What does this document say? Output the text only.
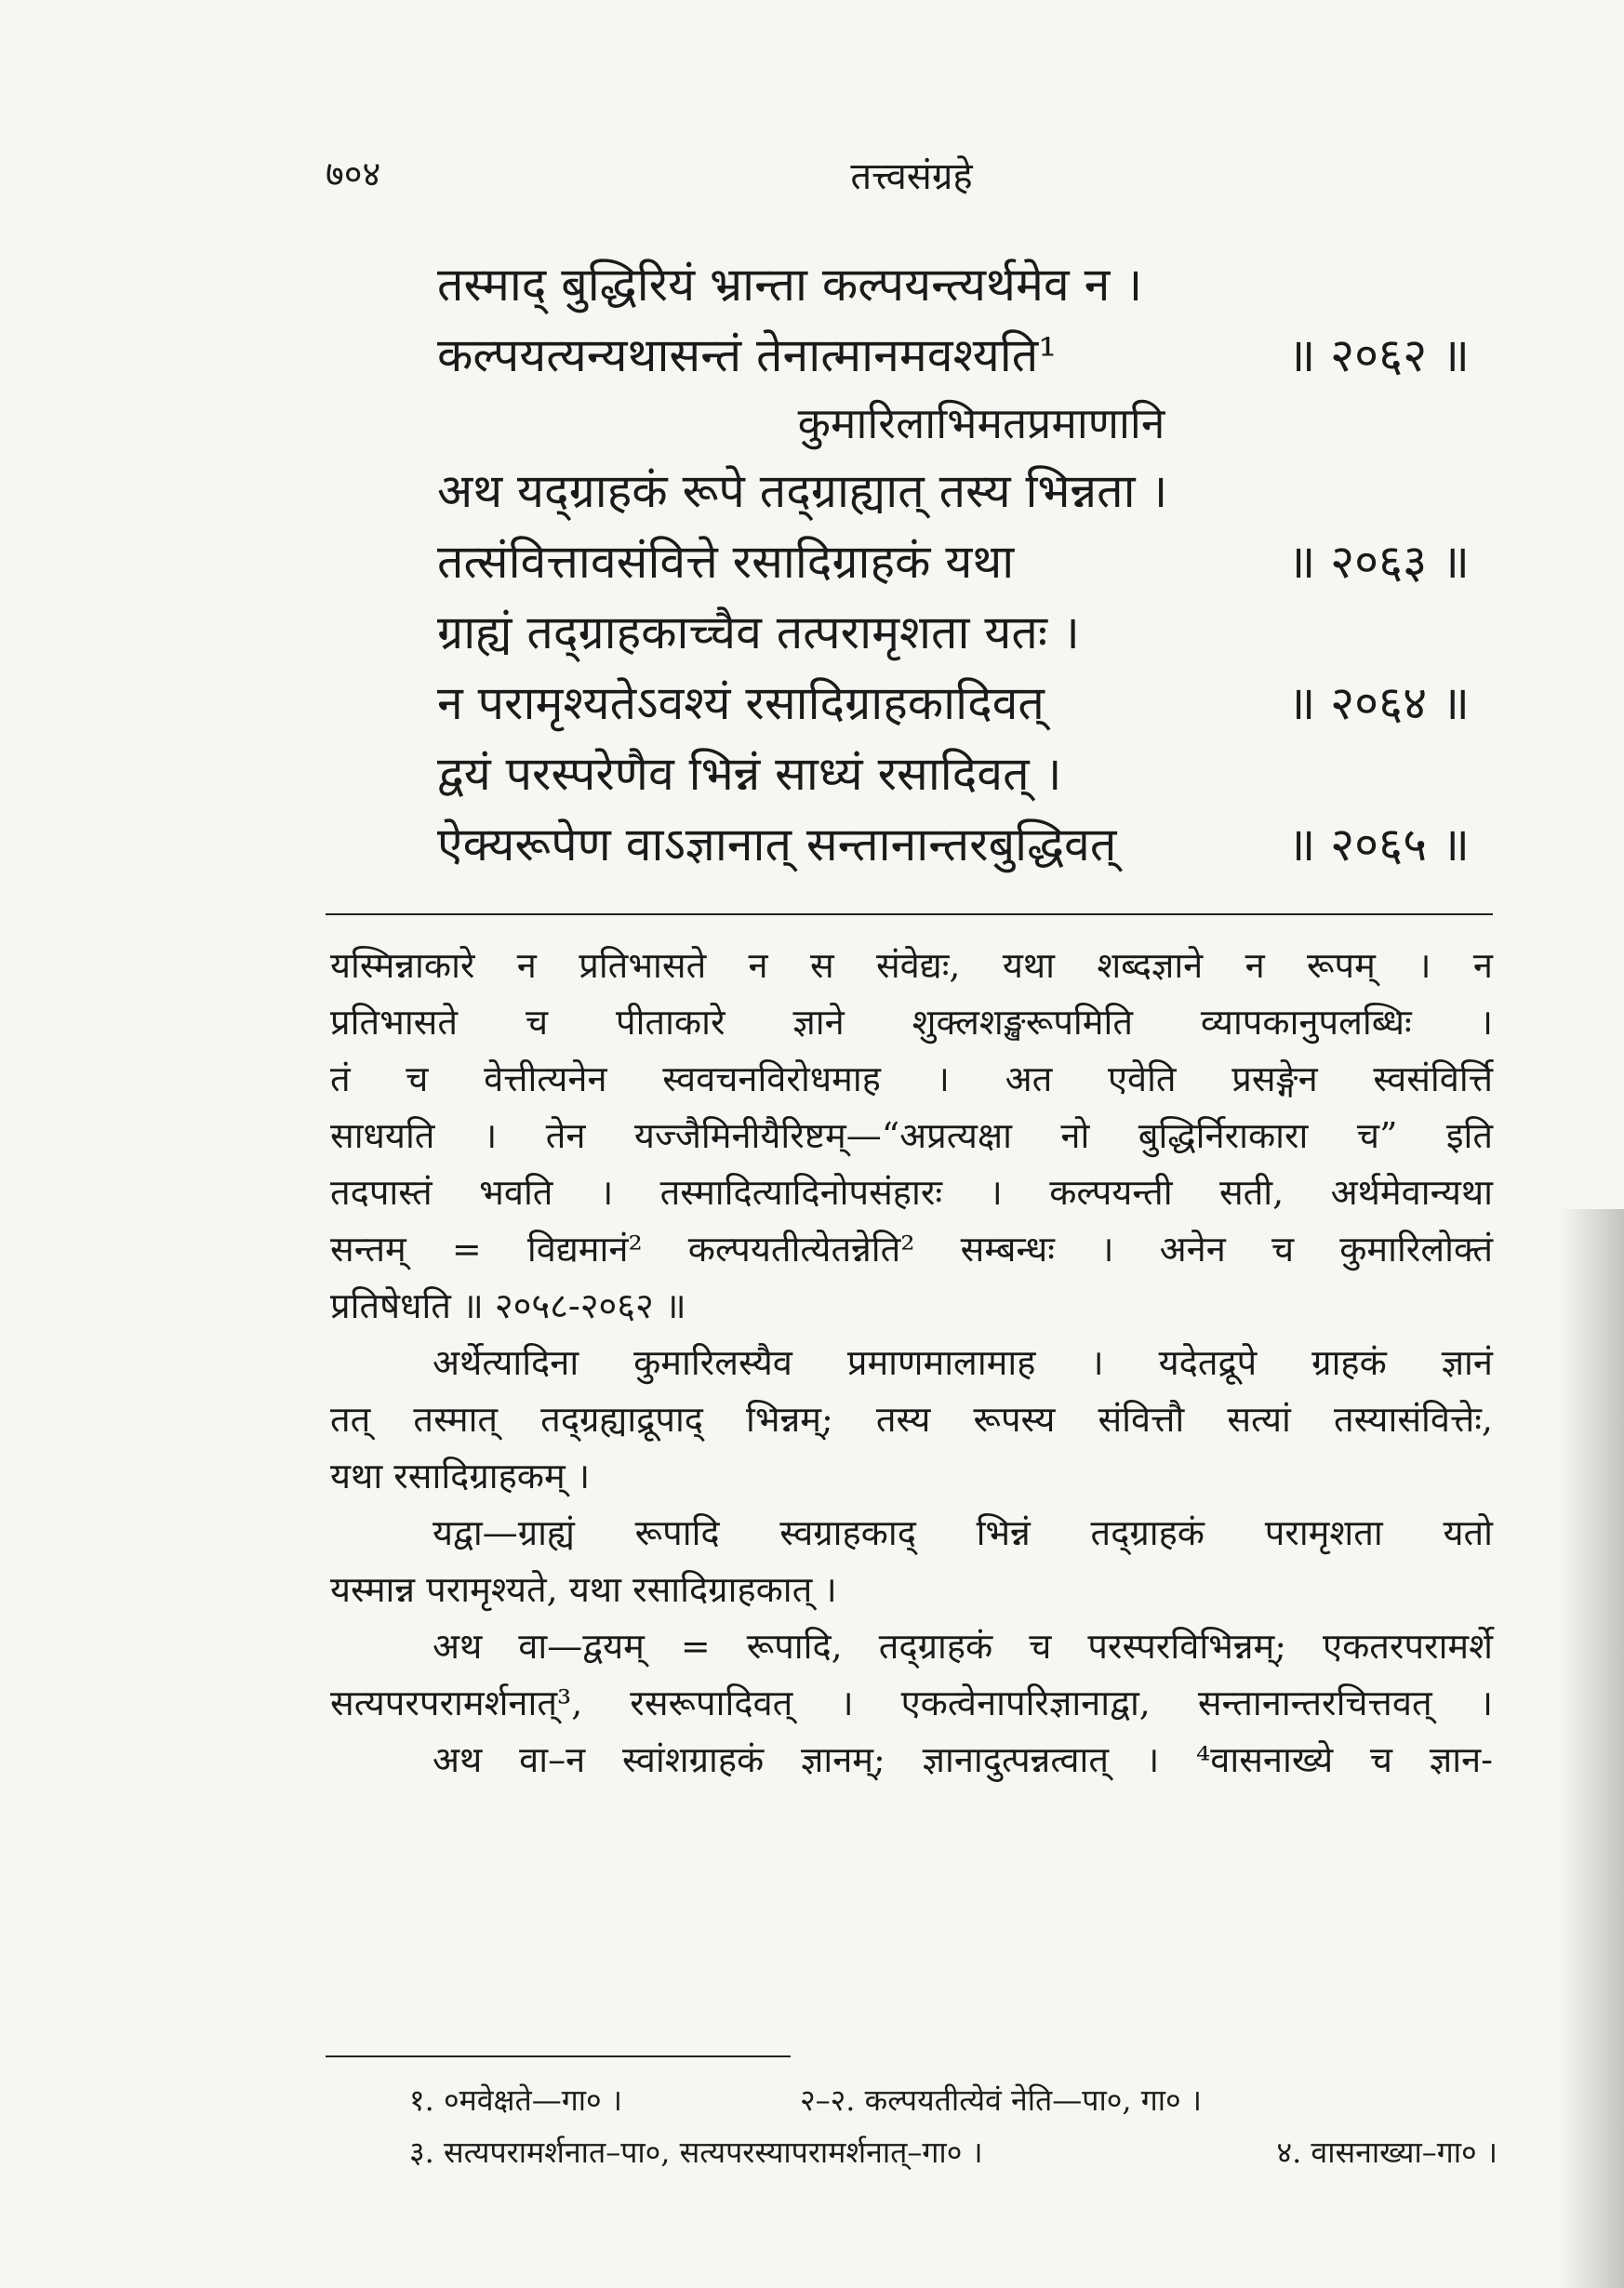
७०४	तत्त्वसंग्रहे
तस्माद् बुद्धिरियं भ्रान्ता कल्पयन्त्यर्थमेव न ।
कल्पयत्यन्यथासन्तं तेनात्मानमवश्यति¹	॥ २०६२ ॥
कुमारिलाभिमतप्रमाणानि
अथ यद्ग्राहकं रूपे तद्ग्राह्यात् तस्य भिन्नता ।
तत्संवित्तावसंवित्ते रसादिग्राहकं यथा	॥ २०६३ ॥
ग्राह्यं तद्ग्राहकाच्चैव तत्परामृशता यतः ।
न परामृश्यतेऽवश्यं रसादिग्राहकादिवत्	॥ २०६४ ॥
द्वयं परस्परेणैव भिन्नं साध्यं रसादिवत् ।
ऐक्यरूपेण वाऽज्ञानात् सन्तानान्तरबुद्धिवत्	॥ २०६५ ॥

यस्मिन्नाकारे न प्रतिभासते न स संवेद्यः, यथा शब्दज्ञाने न रूपम् । न

प्रतिभासते च पीताकारे ज्ञाने शुक्लशङ्खरूपमिति व्यापकानुपलब्धिः ।

तं च वेत्तीत्यनेन स्ववचनविरोधमाह । अत एवेति प्रसङ्गेन स्वसंविर्त्ति

साधयति । तेन यज्जैमिनीयैरिष्टम्—“अप्रत्यक्षा नो बुद्धिर्निराकारा च” इति

तदपास्तं भवति । तस्मादित्यादिनोपसंहारः । कल्पयन्ती सती, अर्थमेवान्यथा

सन्तम् = विद्यमानं² कल्पयतीत्येतन्नेति² सम्बन्धः । अनेन च कुमारिलोक्तं

प्रतिषेधति ॥ २०५८-२०६२ ॥

अर्थेत्यादिना कुमारिलस्यैव प्रमाणमालामाह । यदेतद्रूपे ग्राहकं ज्ञानं

तत् तस्मात् तद्ग्रह्याद्रूपाद् भिन्नम्; तस्य रूपस्य संवित्तौ सत्यां तस्यासंवित्तेः,

यथा रसादिग्राहकम् ।

यद्वा—ग्राह्यं रूपादि स्वग्राहकाद् भिन्नं तद्ग्राहकं परामृशता यतो

यस्मान्न परामृश्यते, यथा रसादिग्राहकात् ।

अथ वा—द्वयम् = रूपादि, तद्ग्राहकं च परस्परविभिन्नम्; एकतरपरामर्शे

सत्यपरपरामर्शनात्³, रसरूपादिवत् । एकत्वेनापरिज्ञानाद्वा, सन्तानान्तरचित्तवत् ।

अथ वा–न स्वांशग्राहकं ज्ञानम्; ज्ञानादुत्पन्नत्वात् । ⁴वासनाख्ये च ज्ञान-

१. ०मवेक्षते—गा० ।	२–२. कल्पयतीत्येवं नेति—पा०, गा० ।
३. सत्यपरामर्शनात–पा०, सत्यपरस्यापरामर्शनात्–गा० ।	४. वासनाख्या–गा० ।
